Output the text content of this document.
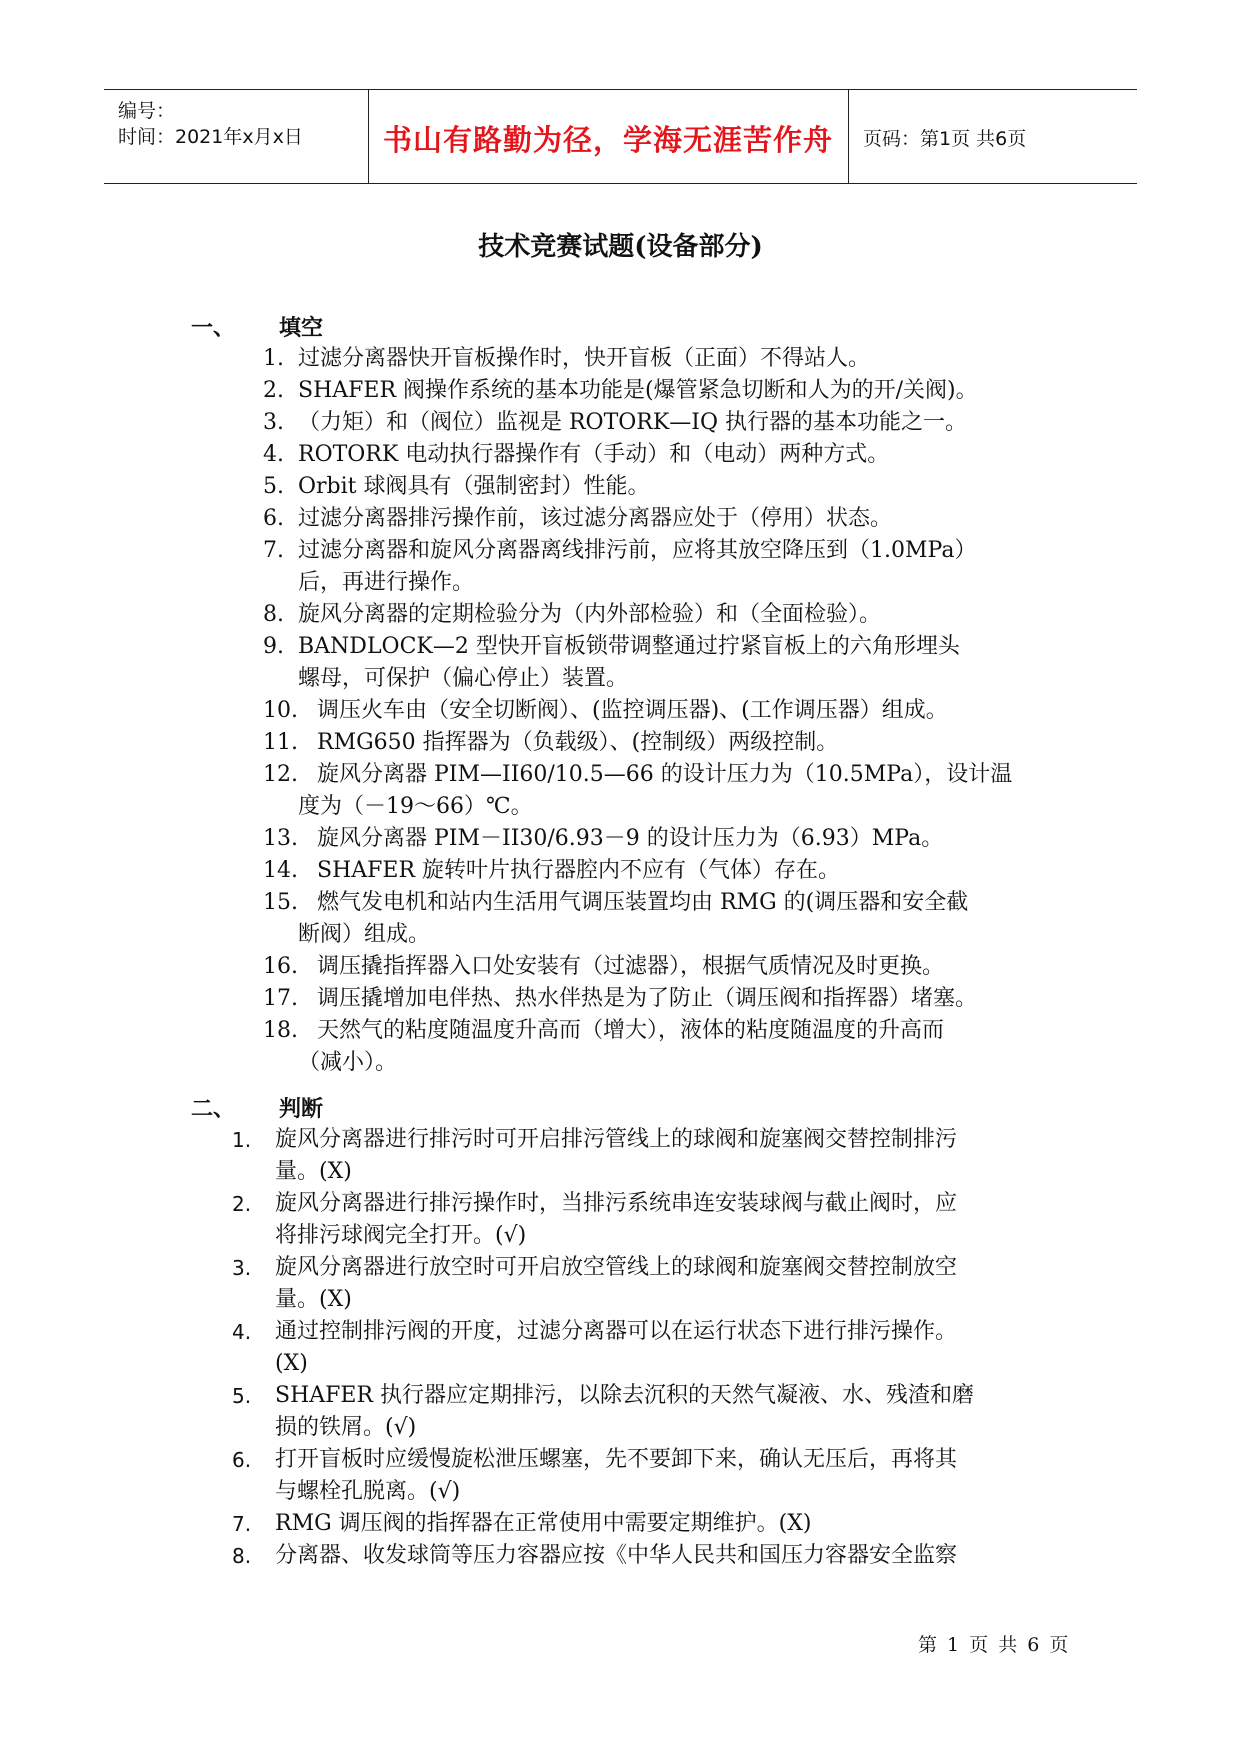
编号：
时间：2021年x月x日	书山有路勤为径，学海无涯苦作舟	页码：第1页 共6页
技术竞赛试题(设备部分)
一、 填空
1. 过滤分离器快开盲板操作时，快开盲板（正面）不得站人。
2. SHAFER 阀操作系统的基本功能是(爆管紧急切断和人为的开/关阀)。
3. （力矩）和（阀位）监视是 ROTORK—IQ 执行器的基本功能之一。
4. ROTORK 电动执行器操作有（手动）和（电动）两种方式。
5. Orbit 球阀具有（强制密封）性能。
6. 过滤分离器排污操作前，该过滤分离器应处于（停用）状态。
7. 过滤分离器和旋风分离器离线排污前，应将其放空降压到（1.0MPa）
后，再进行操作。
8. 旋风分离器的定期检验分为（内外部检验）和（全面检验）。
9. BANDLOCK—2 型快开盲板锁带调整通过拧紧盲板上的六角形埋头
螺母，可保护（偏心停止）装置。
10. 调压火车由（安全切断阀）、(监控调压器)、(工作调压器）组成。
11. RMG650 指挥器为（负载级）、(控制级）两级控制。
12. 旋风分离器 PIM—II60/10.5—66 的设计压力为（10.5MPa），设计温
度为（－19～66）℃。
13. 旋风分离器 PIM－II30/6.93－9 的设计压力为（6.93）MPa。
14. SHAFER 旋转叶片执行器腔内不应有（气体）存在。
15. 燃气发电机和站内生活用气调压装置均由 RMG 的(调压器和安全截
断阀）组成。
16. 调压撬指挥器入口处安装有（过滤器），根据气质情况及时更换。
17. 调压撬增加电伴热、热水伴热是为了防止（调压阀和指挥器）堵塞。
18. 天然气的粘度随温度升高而（增大），液体的粘度随温度的升高而
（减小）。
二、 判断
1. 旋风分离器进行排污时可开启排污管线上的球阀和旋塞阀交替控制排污
量。(X)
2. 旋风分离器进行排污操作时，当排污系统串连安装球阀与截止阀时，应
将排污球阀完全打开。(√)
3. 旋风分离器进行放空时可开启放空管线上的球阀和旋塞阀交替控制放空
量。(X)
4. 通过控制排污阀的开度，过滤分离器可以在运行状态下进行排污操作。
(X)
5. SHAFER 执行器应定期排污，以除去沉积的天然气凝液、水、残渣和磨
损的铁屑。(√)
6. 打开盲板时应缓慢旋松泄压螺塞，先不要卸下来，确认无压后，再将其
与螺栓孔脱离。(√)
7. RMG 调压阀的指挥器在正常使用中需要定期维护。(X)
8. 分离器、收发球筒等压力容器应按《中华人民共和国压力容器安全监察
第 1 页 共 6 页
